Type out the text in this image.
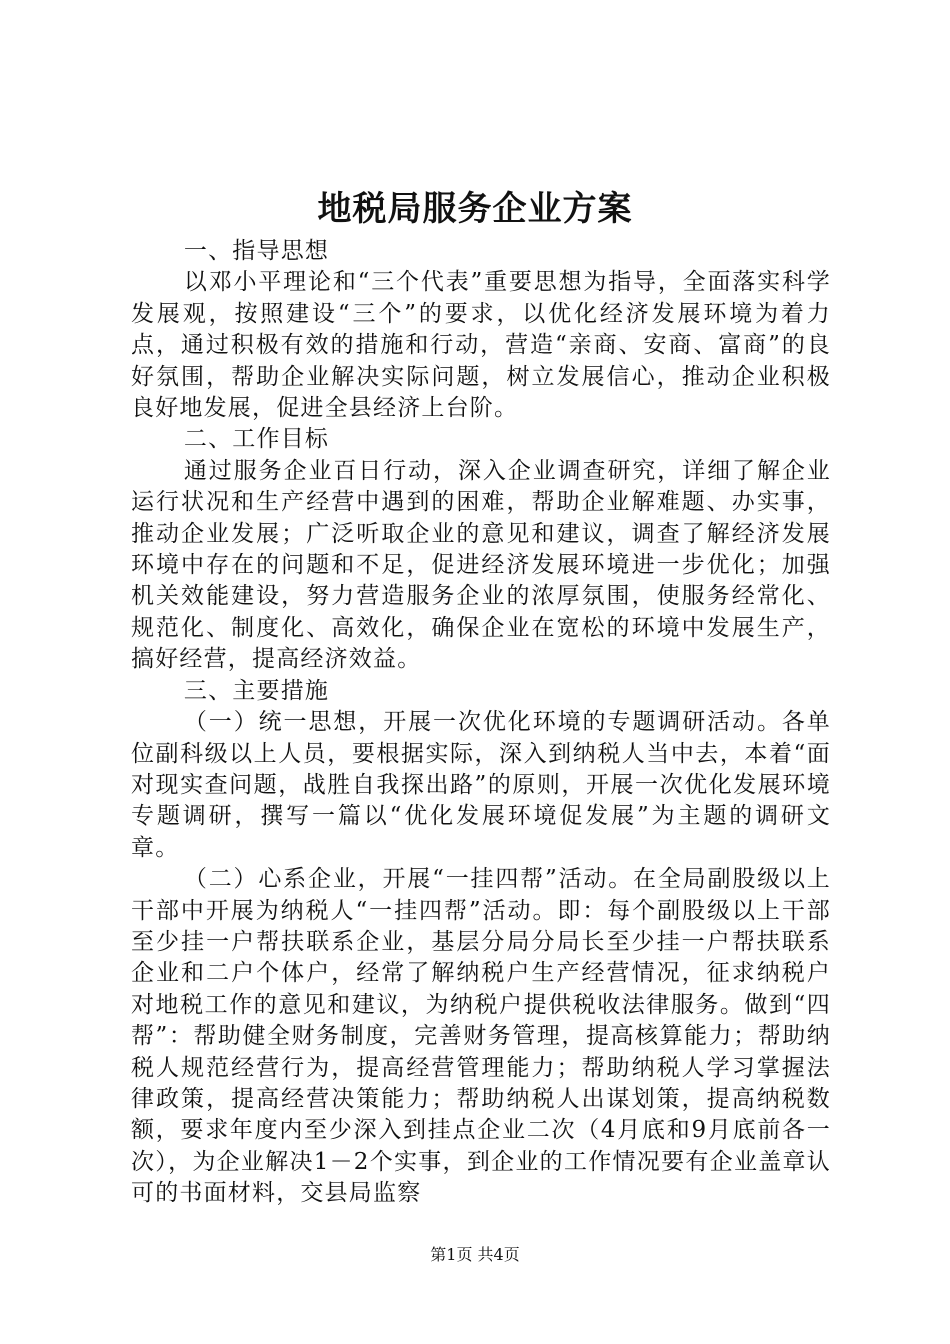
地税局服务企业方案

一、指导思想

以邓小平理论和“三个代表”重要思想为指导，全面落实科学发展观，按照建设“三个”的要求，以优化经济发展环境为着力点，通过积极有效的措施和行动，营造“亲商、安商、富商”的良好氛围，帮助企业解决实际问题，树立发展信心，推动企业积极良好地发展，促进全县经济上台阶。

二、工作目标

通过服务企业百日行动，深入企业调查研究，详细了解企业运行状况和生产经营中遇到的困难，帮助企业解难题、办实事，推动企业发展；广泛听取企业的意见和建议，调查了解经济发展环境中存在的问题和不足，促进经济发展环境进一步优化；加强机关效能建设，努力营造服务企业的浓厚氛围，使服务经常化、规范化、制度化、高效化，确保企业在宽松的环境中发展生产，搞好经营，提高经济效益。

三、主要措施

（一）统一思想，开展一次优化环境的专题调研活动。各单位副科级以上人员，要根据实际，深入到纳税人当中去，本着“面对现实查问题，战胜自我探出路”的原则，开展一次优化发展环境专题调研，撰写一篇以“优化发展环境促发展”为主题的调研文章。

（二）心系企业，开展“一挂四帮”活动。在全局副股级以上干部中开展为纳税人“一挂四帮”活动。即：每个副股级以上干部至少挂一户帮扶联系企业，基层分局分局长至少挂一户帮扶联系企业和二户个体户，经常了解纳税户生产经营情况，征求纳税户对地税工作的意见和建议，为纳税户提供税收法律服务。做到“四帮”：帮助健全财务制度，完善财务管理，提高核算能力；帮助纳税人规范经营行为，提高经营管理能力；帮助纳税人学习掌握法律政策，提高经营决策能力；帮助纳税人出谋划策，提高纳税数额，要求年度内至少深入到挂点企业二次（4月底和9月底前各一次），为企业解决1－2个实事，到企业的工作情况要有企业盖章认可的书面材料，交县局监察

第1页 共4页
